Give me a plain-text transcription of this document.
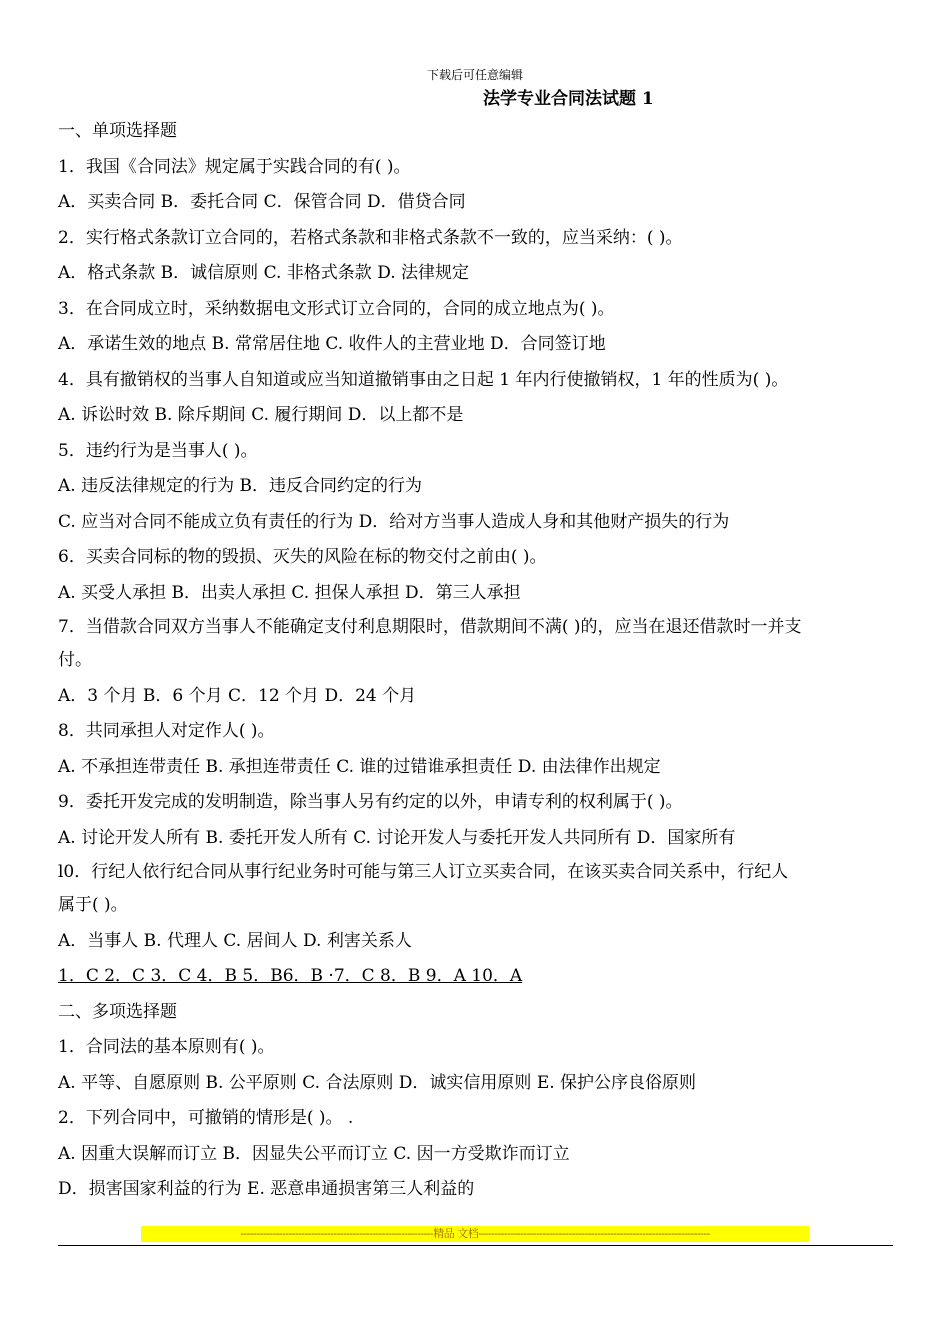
下载后可任意编辑
法学专业合同法试题 1
一、单项选择题
1．我国《合同法》规定属于实践合同的有( )。
A．买卖合同 B．委托合同 C．保管合同 D．借贷合同
2．实行格式条款订立合同的，若格式条款和非格式条款不一致的，应当采纳：( )。
A．格式条款 B．诚信原则 C. 非格式条款 D. 法律规定
3．在合同成立时，采纳数据电文形式订立合同的，合同的成立地点为( )。
A．承诺生效的地点 B. 常常居住地 C. 收件人的主营业地 D．合同签订地
4．具有撤销权的当事人自知道或应当知道撤销事由之日起 1 年内行使撤销权，1 年的性质为( )。
A. 诉讼时效 B. 除斥期间 C. 履行期间 D．以上都不是
5．违约行为是当事人( )。
A. 违反法律规定的行为 B．违反合同约定的行为
C. 应当对合同不能成立负有责任的行为 D．给对方当事人造成人身和其他财产损失的行为
6．买卖合同标的物的毁损、灭失的风险在标的物交付之前由( )。
A. 买受人承担 B．出卖人承担 C. 担保人承担 D．第三人承担
7．当借款合同双方当事人不能确定支付利息期限时，借款期间不满( )的，应当在退还借款时一并支
付。
A．3 个月 B．6 个月 C．12 个月 D．24 个月
8．共同承担人对定作人( )。
A. 不承担连带责任 B. 承担连带责任 C. 谁的过错谁承担责任 D. 由法律作出规定
9．委托开发完成的发明制造，除当事人另有约定的以外，申请专利的权利属于( )。
A. 讨论开发人所有 B. 委托开发人所有 C. 讨论开发人与委托开发人共同所有 D．国家所有
l0．行纪人依行纪合同从事行纪业务时可能与第三人订立买卖合同，在该买卖合同关系中，行纪人
属于( )。
A．当事人 B. 代理人 C. 居间人 D. 利害关系人
1．C 2．C 3．C 4．B 5．B6．B ·7．C 8．B 9．A 10．A
二、多项选择题
1．合同法的基本原则有( )。
A. 平等、自愿原则 B. 公平原则 C. 合法原则 D．诚实信用原则 E. 保护公序良俗原则
2．下列合同中，可撤销的情形是( )。 .
A. 因重大误解而订立 B．因显失公平而订立 C. 因一方受欺诈而订立
D．损害国家利益的行为 E. 恶意串通损害第三人利益的
------------------------------------------------------------精品 文档------------------------------------------------------------------------
